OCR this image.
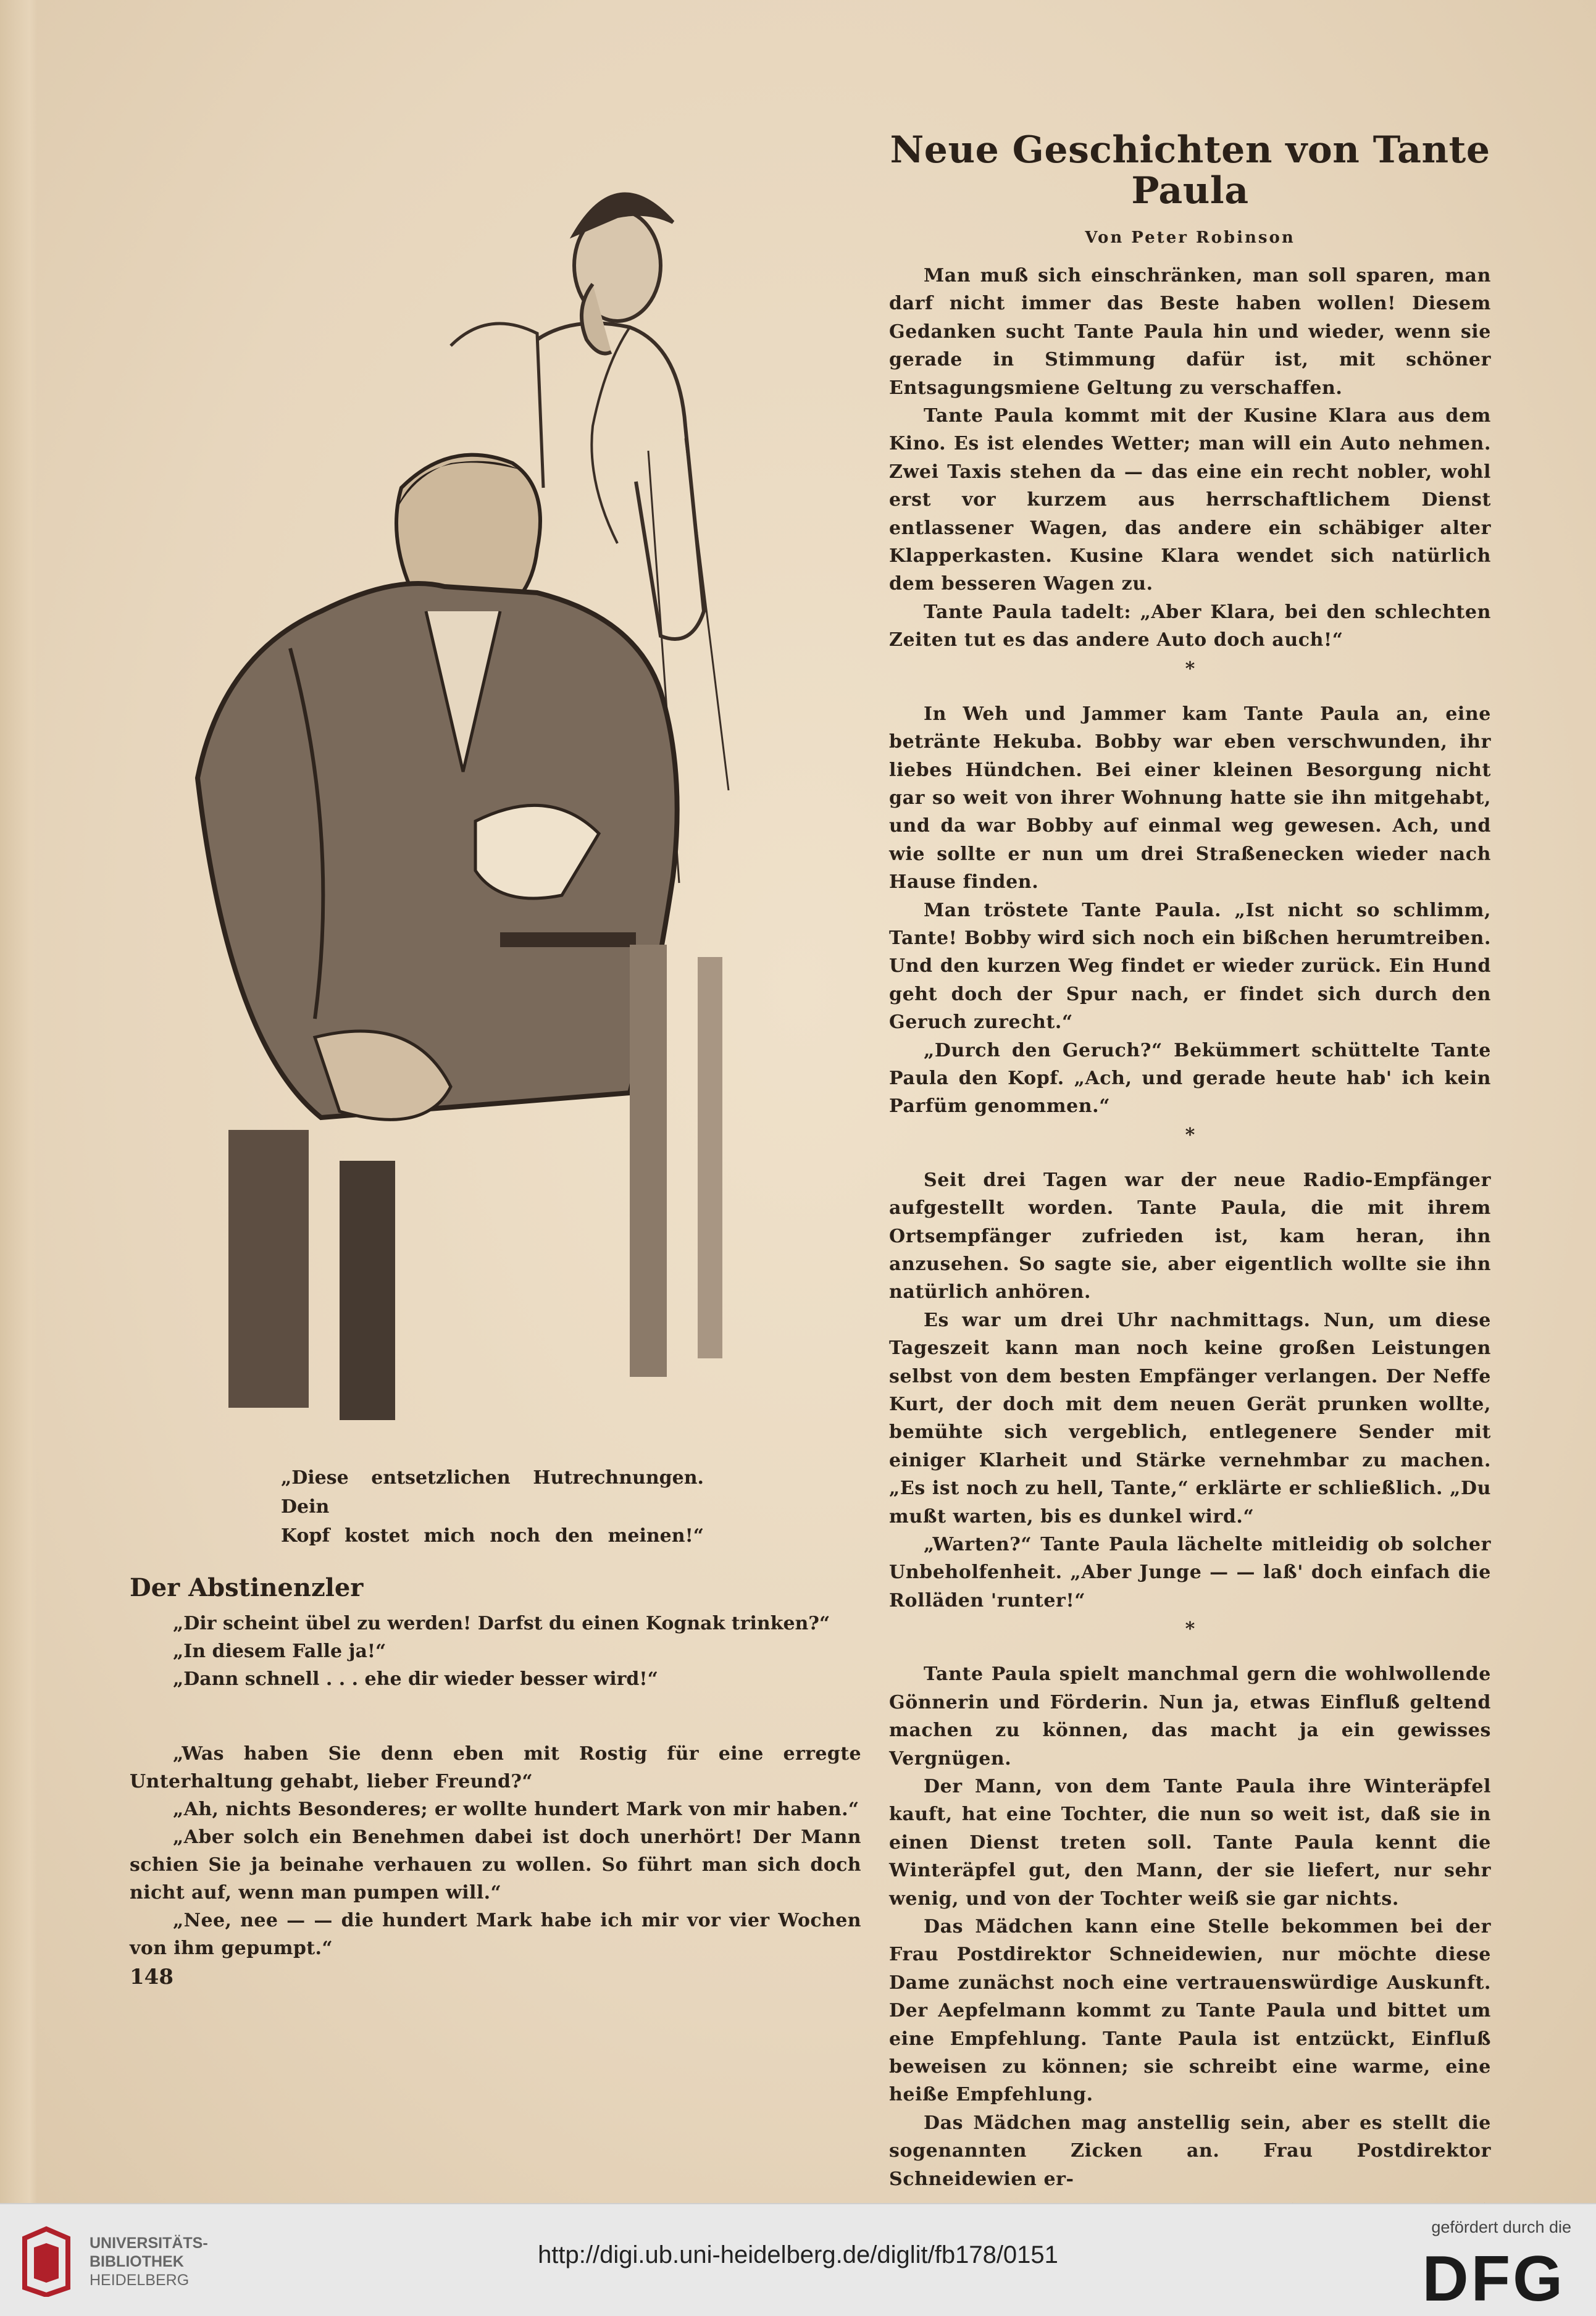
„Diese entsetzlichen Hutrechnungen. Dein
Kopf kostet mich noch den meinen!“
Der Abstinenzler

„Dir scheint übel zu werden! Darfst du einen Kognak trinken?“

„In diesem Falle ja!“

„Dann schnell . . . ehe dir wieder besser wird!“

„Was haben Sie denn eben mit Rostig für eine erregte Unterhaltung gehabt, lieber Freund?“

„Ah, nichts Besonderes; er wollte hundert Mark von mir haben.“

„Aber solch ein Benehmen dabei ist doch unerhört! Der Mann schien Sie ja beinahe verhauen zu wollen. So führt man sich doch nicht auf, wenn man pumpen will.“

„Nee, nee — — die hundert Mark habe ich mir vor vier Wochen von ihm gepumpt.“

148
Neue Geschichten von Tante Paula
Von Peter Robinson

Man muß sich einschränken, man soll sparen, man darf nicht immer das Beste haben wollen! Diesem Gedanken sucht Tante Paula hin und wieder, wenn sie gerade in Stimmung dafür ist, mit schöner Entsagungsmiene Geltung zu verschaffen.

Tante Paula kommt mit der Kusine Klara aus dem Kino. Es ist elendes Wetter; man will ein Auto nehmen. Zwei Taxis stehen da — das eine ein recht nobler, wohl erst vor kurzem aus herrschaftlichem Dienst entlassener Wagen, das andere ein schäbiger alter Klapperkasten. Kusine Klara wendet sich natürlich dem besseren Wagen zu.

Tante Paula tadelt: „Aber Klara, bei den schlechten Zeiten tut es das andere Auto doch auch!“

*

In Weh und Jammer kam Tante Paula an, eine betränte Hekuba. Bobby war eben verschwunden, ihr liebes Hündchen. Bei einer kleinen Besorgung nicht gar so weit von ihrer Wohnung hatte sie ihn mitgehabt, und da war Bobby auf einmal weg gewesen. Ach, und wie sollte er nun um drei Straßenecken wieder nach Hause finden.

Man tröstete Tante Paula. „Ist nicht so schlimm, Tante! Bobby wird sich noch ein bißchen herumtreiben. Und den kurzen Weg findet er wieder zurück. Ein Hund geht doch der Spur nach, er findet sich durch den Geruch zurecht.“

„Durch den Geruch?“ Bekümmert schüttelte Tante Paula den Kopf. „Ach, und gerade heute hab' ich kein Parfüm genommen.“

*

Seit drei Tagen war der neue Radio-Empfänger aufgestellt worden. Tante Paula, die mit ihrem Ortsempfänger zufrieden ist, kam heran, ihn anzusehen. So sagte sie, aber eigentlich wollte sie ihn natürlich anhören.

Es war um drei Uhr nachmittags. Nun, um diese Tageszeit kann man noch keine großen Leistungen selbst von dem besten Empfänger verlangen. Der Neffe Kurt, der doch mit dem neuen Gerät prunken wollte, bemühte sich vergeblich, entlegenere Sender mit einiger Klarheit und Stärke vernehmbar zu machen. „Es ist noch zu hell, Tante,“ erklärte er schließlich. „Du mußt warten, bis es dunkel wird.“

„Warten?“ Tante Paula lächelte mitleidig ob solcher Unbeholfenheit. „Aber Junge — — laß' doch einfach die Rolläden 'runter!“

*

Tante Paula spielt manchmal gern die wohlwollende Gönnerin und Förderin. Nun ja, etwas Einfluß geltend machen zu können, das macht ja ein gewisses Vergnügen.

Der Mann, von dem Tante Paula ihre Winteräpfel kauft, hat eine Tochter, die nun so weit ist, daß sie in einen Dienst treten soll. Tante Paula kennt die Winteräpfel gut, den Mann, der sie liefert, nur sehr wenig, und von der Tochter weiß sie gar nichts.

Das Mädchen kann eine Stelle bekommen bei der Frau Postdirektor Schneidewien, nur möchte diese Dame zunächst noch eine vertrauenswürdige Auskunft. Der Aepfelmann kommt zu Tante Paula und bittet um eine Empfehlung. Tante Paula ist entzückt, Einfluß beweisen zu können; sie schreibt eine warme, eine heiße Empfehlung.

Das Mädchen mag anstellig sein, aber es stellt die sogenannten Zicken an. Frau Postdirektor Schneidewien er-

UNIVERSITÄTS-
BIBLIOTHEK
HEIDELBERG
http://digi.ub.uni-heidelberg.de/diglit/fb178/0151
gefördert durch die
DFG
